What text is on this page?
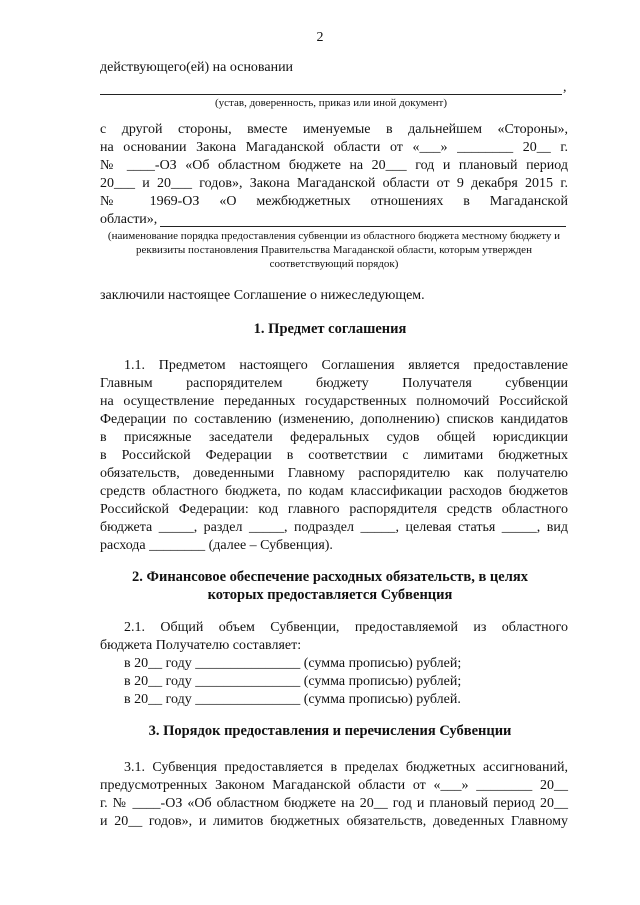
2
действующего(ей) на основании
,
(устав, доверенность, приказ или иной документ)
с другой стороны, вместе именуемые в дальнейшем «Стороны»,
на основании Закона Магаданской области от «___» ________ 20__ г.
№ ____-ОЗ «Об областном бюджете на 20___ год и плановый период
20___ и 20___ годов», Закона Магаданской области от 9 декабря 2015 г.
№ 1969-ОЗ «О межбюджетных отношениях в Магаданской
области»,
(наименование порядка предоставления субвенции из областного бюджета местному бюджету и реквизиты постановления Правительства Магаданской области, которым утвержден соответствующий порядок)
заключили настоящее Соглашение о нижеследующем.
1. Предмет соглашения
1.1. Предметом настоящего Соглашения является предоставление
Главным распорядителем бюджету Получателя субвенции
на осуществление переданных государственных полномочий Российской
Федерации по составлению (изменению, дополнению) списков кандидатов
в присяжные заседатели федеральных судов общей юрисдикции
в Российской Федерации в соответствии с лимитами бюджетных
обязательств, доведенными Главному распорядителю как получателю
средств областного бюджета, по кодам классификации расходов бюджетов
Российской Федерации: код главного распорядителя средств областного
бюджета _____, раздел _____, подраздел _____, целевая статья _____, вид
расхода ________ (далее – Субвенция).
2. Финансовое обеспечение расходных обязательств, в целях
которых предоставляется Субвенция
2.1. Общий объем Субвенции, предоставляемой из областного
бюджета Получателю составляет:
в 20__ году _______________ (сумма прописью) рублей;
в 20__ году _______________ (сумма прописью) рублей;
в 20__ году _______________ (сумма прописью) рублей.
3. Порядок предоставления и перечисления Субвенции
3.1. Субвенция предоставляется в пределах бюджетных ассигнований,
предусмотренных Законом Магаданской области от «___» ________ 20__
г. № ____-ОЗ «Об областном бюджете на 20__ год и плановый период 20__
и 20__ годов», и лимитов бюджетных обязательств, доведенных Главному
